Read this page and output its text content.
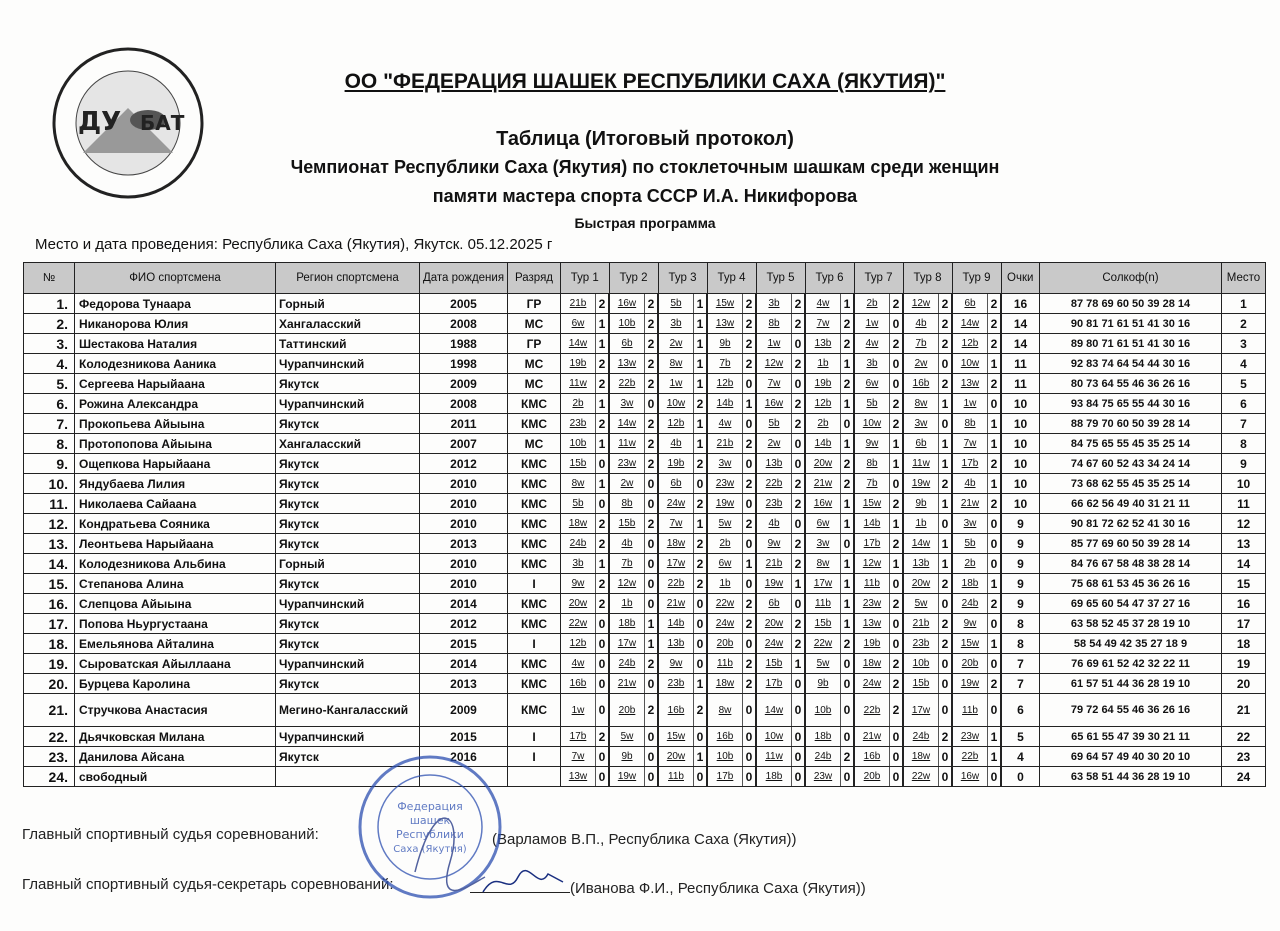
ДУ БАТ
ОО "ФЕДЕРАЦИЯ ШАШЕК РЕСПУБЛИКИ САХА (ЯКУТИЯ)"
Таблица (Итоговый протокол)
Чемпионат Республики Саха (Якутия) по стоклеточным шашкам среди женщин
памяти мастера спорта СССР И.А. Никифорова
Быстрая программа
Место и дата проведения: Республика Саха (Якутия), Якутск. 05.12.2025 г
№	ФИО спортсмена	Регион спортсмена	Дата рождения	Разряд	Тур 1		Тур 2		Тур 3		Тур 4		Тур 5		Тур 6		Тур 7		Тур 8		Тур 9		Очки	Солкоф(n)	Место
1.	Федорова Тунаара	Горный	2005	ГР	21b	2	16w	2	5b	1	15w	2	3b	2	4w	1	2b	2	12w	2	6b	2	16	87 78 69 60 50 39 28 14	1
2.	Никанорова Юлия	Хангаласский	2008	МС	6w	1	10b	2	3b	1	13w	2	8b	2	7w	2	1w	0	4b	2	14w	2	14	90 81 71 61 51 41 30 16	2
3.	Шестакова Наталия	Таттинский	1988	ГР	14w	1	6b	2	2w	1	9b	2	1w	0	13b	2	4w	2	7b	2	12b	2	14	89 80 71 61 51 41 30 16	3
4.	Колодезникова Ааника	Чурапчинский	1998	МС	19b	2	13w	2	8w	1	7b	2	12w	2	1b	1	3b	0	2w	0	10w	1	11	92 83 74 64 54 44 30 16	4
5.	Сергеева Нарыйаана	Якутск	2009	МС	11w	2	22b	2	1w	1	12b	0	7w	0	19b	2	6w	0	16b	2	13w	2	11	80 73 64 55 46 36 26 16	5
6.	Рожина Александра	Чурапчинский	2008	КМС	2b	1	3w	0	10w	2	14b	1	16w	2	12b	1	5b	2	8w	1	1w	0	10	93 84 75 65 55 44 30 16	6
7.	Прокопьева Айыына	Якутск	2011	КМС	23b	2	14w	2	12b	1	4w	0	5b	2	2b	0	10w	2	3w	0	8b	1	10	88 79 70 60 50 39 28 14	7
8.	Протопопова Айыына	Хангаласский	2007	МС	10b	1	11w	2	4b	1	21b	2	2w	0	14b	1	9w	1	6b	1	7w	1	10	84 75 65 55 45 35 25 14	8
9.	Ощепкова Нарыйаана	Якутск	2012	КМС	15b	0	23w	2	19b	2	3w	0	13b	0	20w	2	8b	1	11w	1	17b	2	10	74 67 60 52 43 34 24 14	9
10.	Яндубаева Лилия	Якутск	2010	КМС	8w	1	2w	0	6b	0	23w	2	22b	2	21w	2	7b	0	19w	2	4b	1	10	73 68 62 55 45 35 25 14	10
11.	Николаева Сайаана	Якутск	2010	КМС	5b	0	8b	0	24w	2	19w	0	23b	2	16w	1	15w	2	9b	1	21w	2	10	66 62 56 49 40 31 21 11	11
12.	Кондратьева Сояника	Якутск	2010	КМС	18w	2	15b	2	7w	1	5w	2	4b	0	6w	1	14b	1	1b	0	3w	0	9	90 81 72 62 52 41 30 16	12
13.	Леонтьева Нарыйаана	Якутск	2013	КМС	24b	2	4b	0	18w	2	2b	0	9w	2	3w	0	17b	2	14w	1	5b	0	9	85 77 69 60 50 39 28 14	13
14.	Колодезникова Альбина	Горный	2010	КМС	3b	1	7b	0	17w	2	6w	1	21b	2	8w	1	12w	1	13b	1	2b	0	9	84 76 67 58 48 38 28 14	14
15.	Степанова Алина	Якутск	2010	I	9w	2	12w	0	22b	2	1b	0	19w	1	17w	1	11b	0	20w	2	18b	1	9	75 68 61 53 45 36 26 16	15
16.	Слепцова Айыына	Чурапчинский	2014	КМС	20w	2	1b	0	21w	0	22w	2	6b	0	11b	1	23w	2	5w	0	24b	2	9	69 65 60 54 47 37 27 16	16
17.	Попова Ньургустаана	Якутск	2012	КМС	22w	0	18b	1	14b	0	24w	2	20w	2	15b	1	13w	0	21b	2	9w	0	8	63 58 52 45 37 28 19 10	17
18.	Емельянова Айталина	Якутск	2015	I	12b	0	17w	1	13b	0	20b	0	24w	2	22w	2	19b	0	23b	2	15w	1	8	58 54 49 42 35 27 18 9	18
19.	Сыроватская Айыллаана	Чурапчинский	2014	КМС	4w	0	24b	2	9w	0	11b	2	15b	1	5w	0	18w	2	10b	0	20b	0	7	76 69 61 52 42 32 22 11	19
20.	Бурцева Каролина	Якутск	2013	КМС	16b	0	21w	0	23b	1	18w	2	17b	0	9b	0	24w	2	15b	0	19w	2	7	61 57 51 44 36 28 19 10	20
21.	Стручкова Анастасия	Мегино-Кангаласский	2009	КМС	1w	0	20b	2	16b	2	8w	0	14w	0	10b	0	22b	2	17w	0	11b	0	6	79 72 64 55 46 36 26 16	21
22.	Дьячковская Милана	Чурапчинский	2015	I	17b	2	5w	0	15w	0	16b	0	10w	0	18b	0	21w	0	24b	2	23w	1	5	65 61 55 47 39 30 21 11	22
23.	Данилова Айсана	Якутск	2016	I	7w	0	9b	0	20w	1	10b	0	11w	0	24b	2	16b	0	18w	0	22b	1	4	69 64 57 49 40 30 20 10	23
24.	свободный				13w	0	19w	0	11b	0	17b	0	18b	0	23w	0	20b	0	22w	0	16w	0	0	63 58 51 44 36 28 19 10	24
Главный спортивный судья соревнований:	(Варламов В.П., Республика Саха (Якутия))
Главный спортивный судья-секретарь соревнований:	(Иванова Ф.И., Республика Саха (Якутия))
Федерация
шашек
Республики
Саха (Якутия)
